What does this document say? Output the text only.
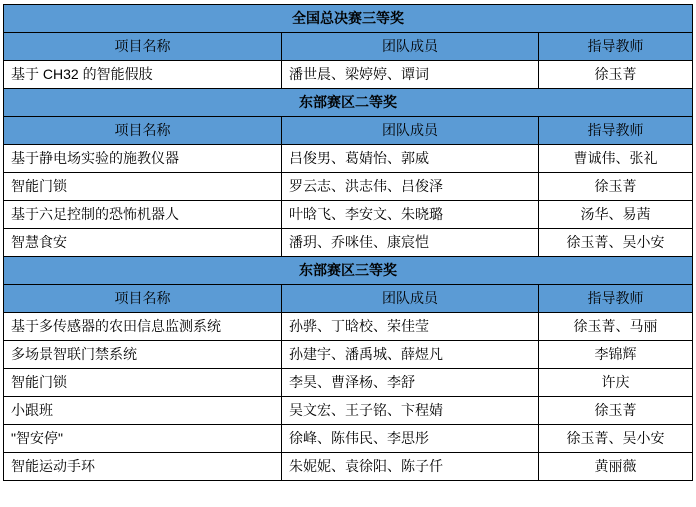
全国总决赛三等奖		
项目名称	团队成员	指导教师
基于 CH32 的智能假肢	潘世晨、梁婷婷、谭词	徐玉菁
东部赛区二等奖		
项目名称	团队成员	指导教师
基于静电场实验的施教仪器	吕俊男、葛婧怡、郭威	曹诚伟、张礼
智能门锁	罗云志、洪志伟、吕俊泽	徐玉菁
基于六足控制的恐怖机器人	叶晗飞、李安文、朱晓璐	汤华、易茜
智慧食安	潘玥、乔咪佳、康宸恺	徐玉菁、吴小安
东部赛区三等奖		
项目名称	团队成员	指导教师
基于多传感器的农田信息监测系统	孙骅、丁晗校、荣佳莹	徐玉菁、马丽
多场景智联门禁系统	孙建宇、潘禹城、薛煜凡	李锦辉
智能门锁	李昊、曹泽杨、李舒	许庆
小跟班	吴文宏、王子铭、卞程婧	徐玉菁
"智安停"	徐峰、陈伟民、李思彤	徐玉菁、吴小安
智能运动手环	朱妮妮、袁徐阳、陈子仟	黄丽薇
